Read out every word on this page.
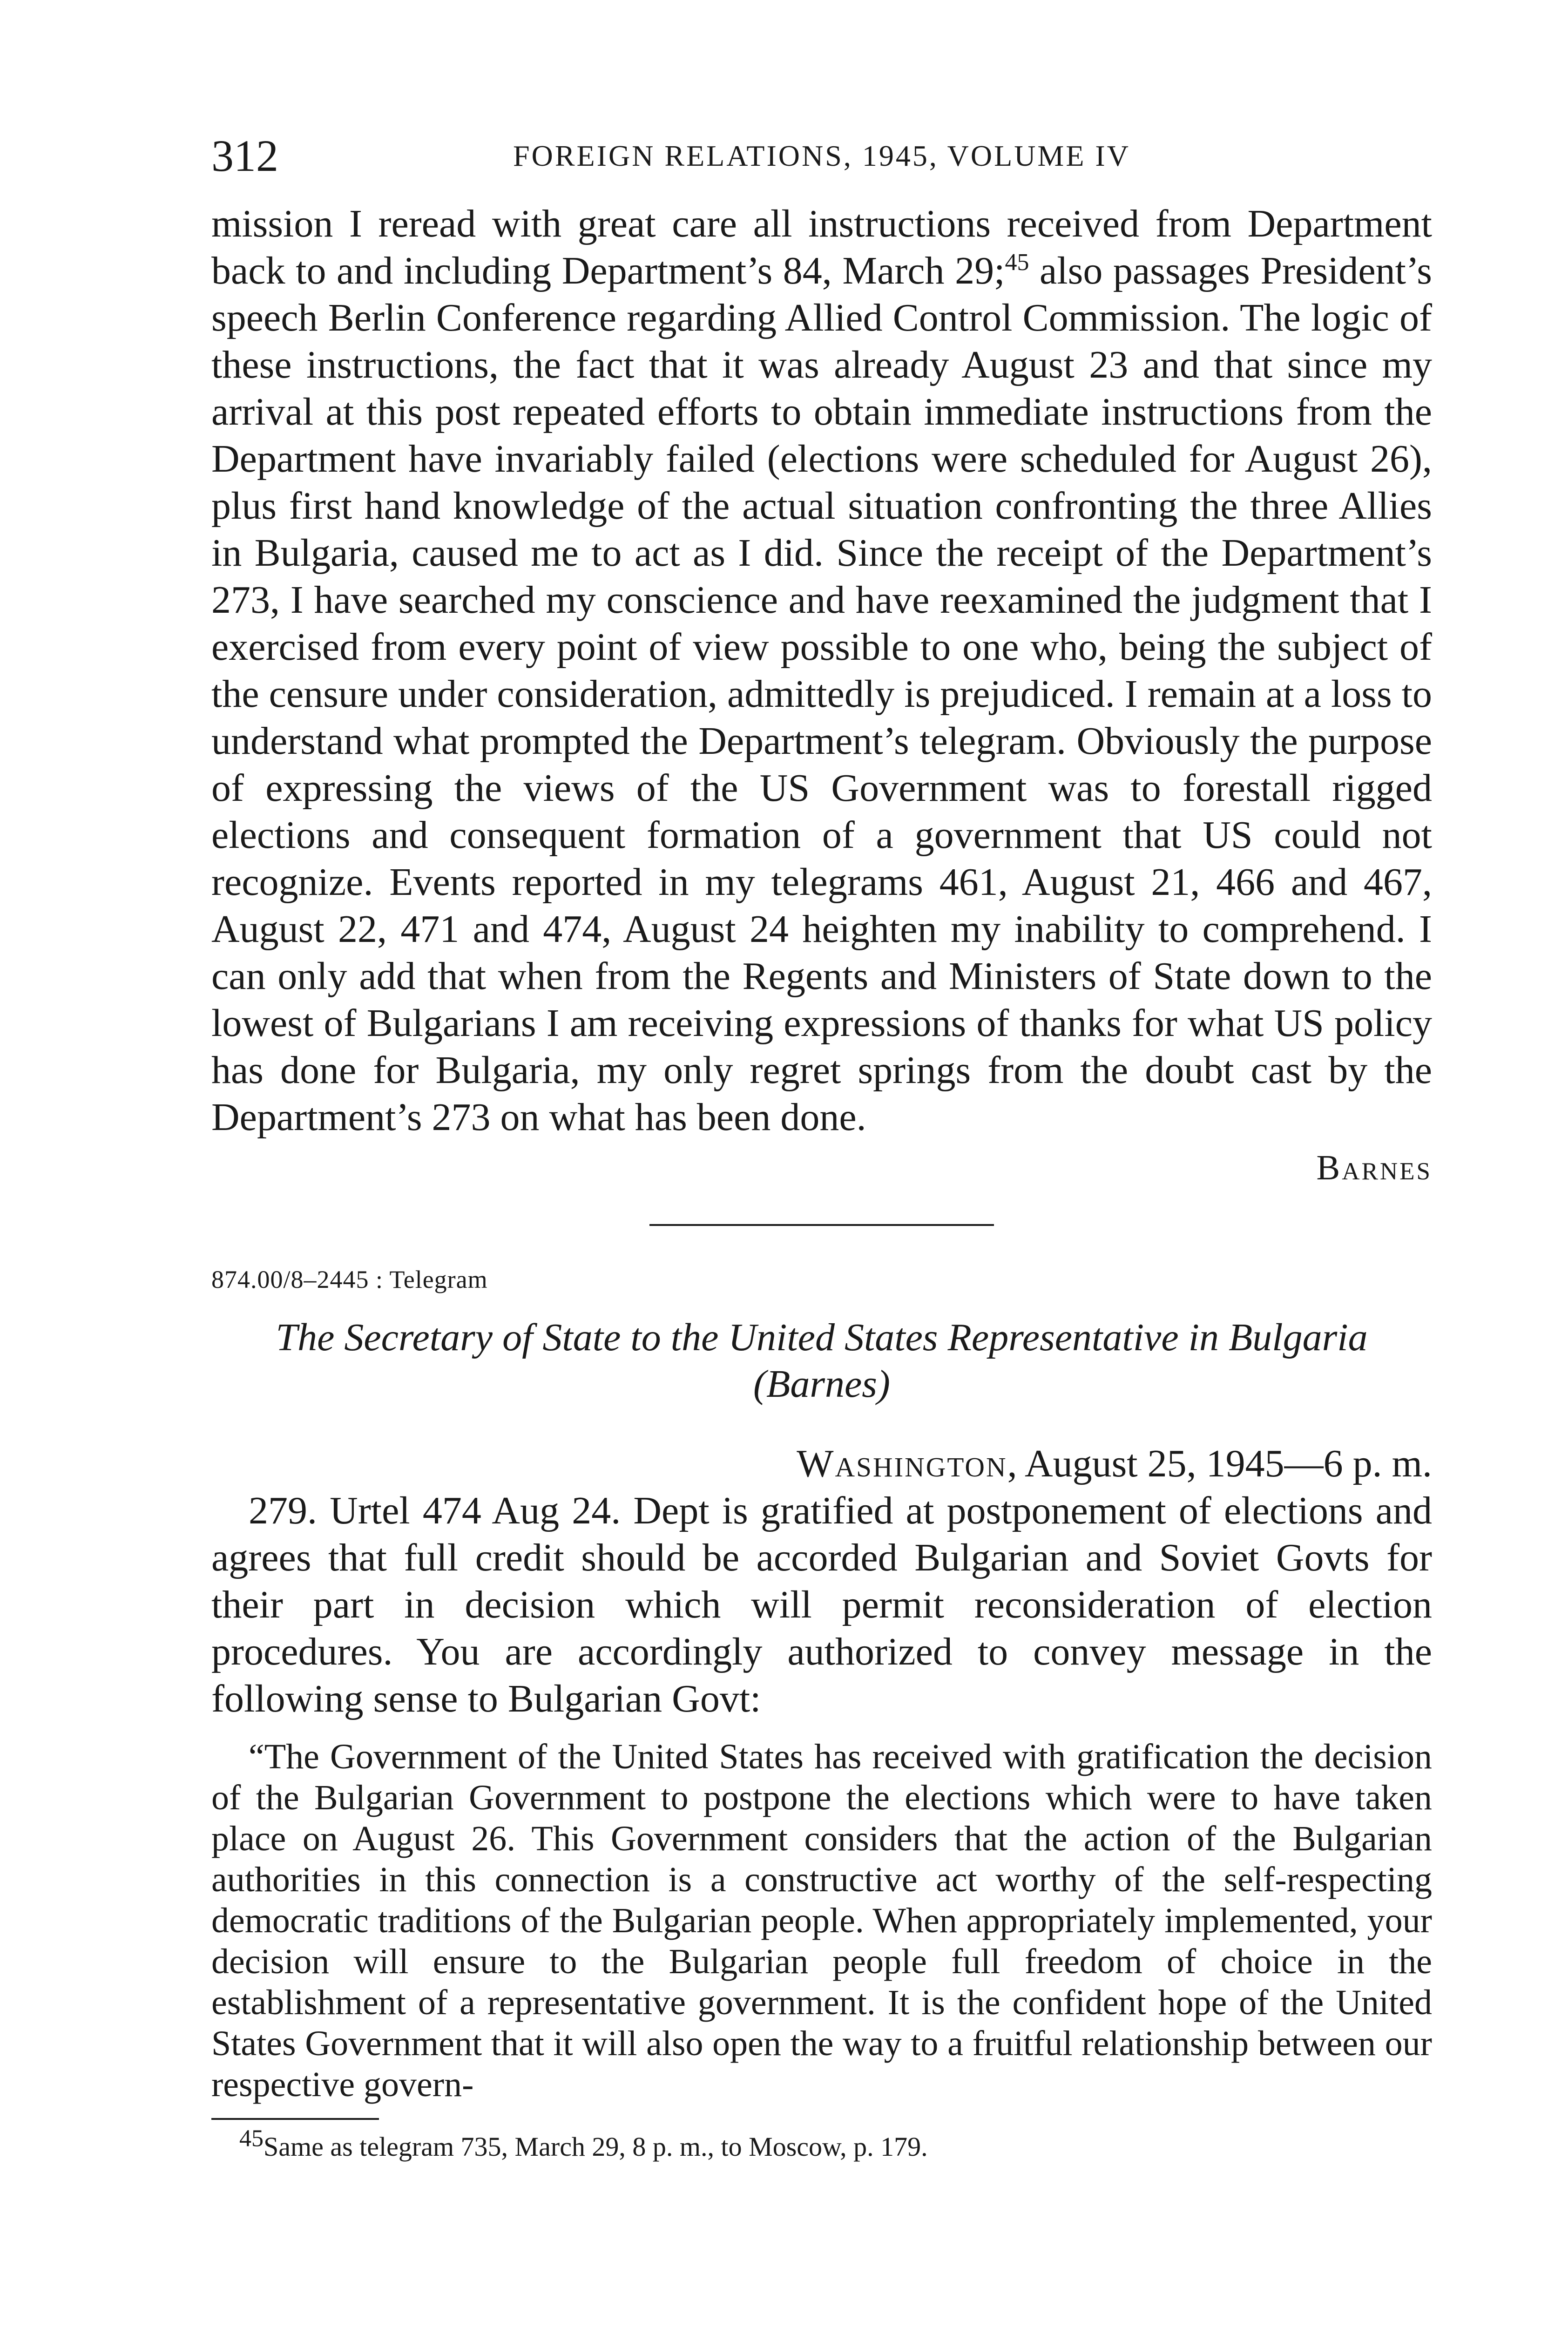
312	FOREIGN RELATIONS, 1945, VOLUME IV

mission I reread with great care all instructions received from Department back to and including Department’s 84, March 29;$^{45}$ also passages President’s speech Berlin Conference regarding Allied Control Commission. The logic of these instructions, the fact that it was already August 23 and that since my arrival at this post repeated efforts to obtain immediate instructions from the Department have invariably failed (elections were scheduled for August 26), plus first hand knowledge of the actual situation confronting the three Allies in Bulgaria, caused me to act as I did. Since the receipt of the Department’s 273, I have searched my conscience and have reexamined the judgment that I exercised from every point of view possible to one who, being the subject of the censure under consideration, admittedly is prejudiced. I remain at a loss to understand what prompted the Department’s telegram. Obviously the purpose of expressing the views of the US Government was to forestall rigged elections and consequent formation of a government that US could not recognize. Events reported in my telegrams 461, August 21, 466 and 467, August 22, 471 and 474, August 24 heighten my inability to comprehend. I can only add that when from the Regents and Ministers of State down to the lowest of Bulgarians I am receiving expressions of thanks for what US policy has done for Bulgaria, my only regret springs from the doubt cast by the Department’s 273 on what has been done.

Barnes
874.00/8–2445 : Telegram
The Secretary of State to the United States Representative in Bulgaria (Barnes)
Washington, August 25, 1945—6 p. m.

279. Urtel 474 Aug 24. Dept is gratified at postponement of elections and agrees that full credit should be accorded Bulgarian and Soviet Govts for their part in decision which will permit reconsideration of election procedures. You are accordingly authorized to convey message in the following sense to Bulgarian Govt:

“The Government of the United States has received with gratification the decision of the Bulgarian Government to postpone the elections which were to have taken place on August 26. This Government considers that the action of the Bulgarian authorities in this connection is a constructive act worthy of the self-respecting democratic traditions of the Bulgarian people. When appropriately implemented, your decision will ensure to the Bulgarian people full freedom of choice in the establishment of a representative government. It is the confident hope of the United States Government that it will also open the way to a fruitful relationship between our respective govern-

$^{45}$Same as telegram 735, March 29, 8 p. m., to Moscow, p. 179.
